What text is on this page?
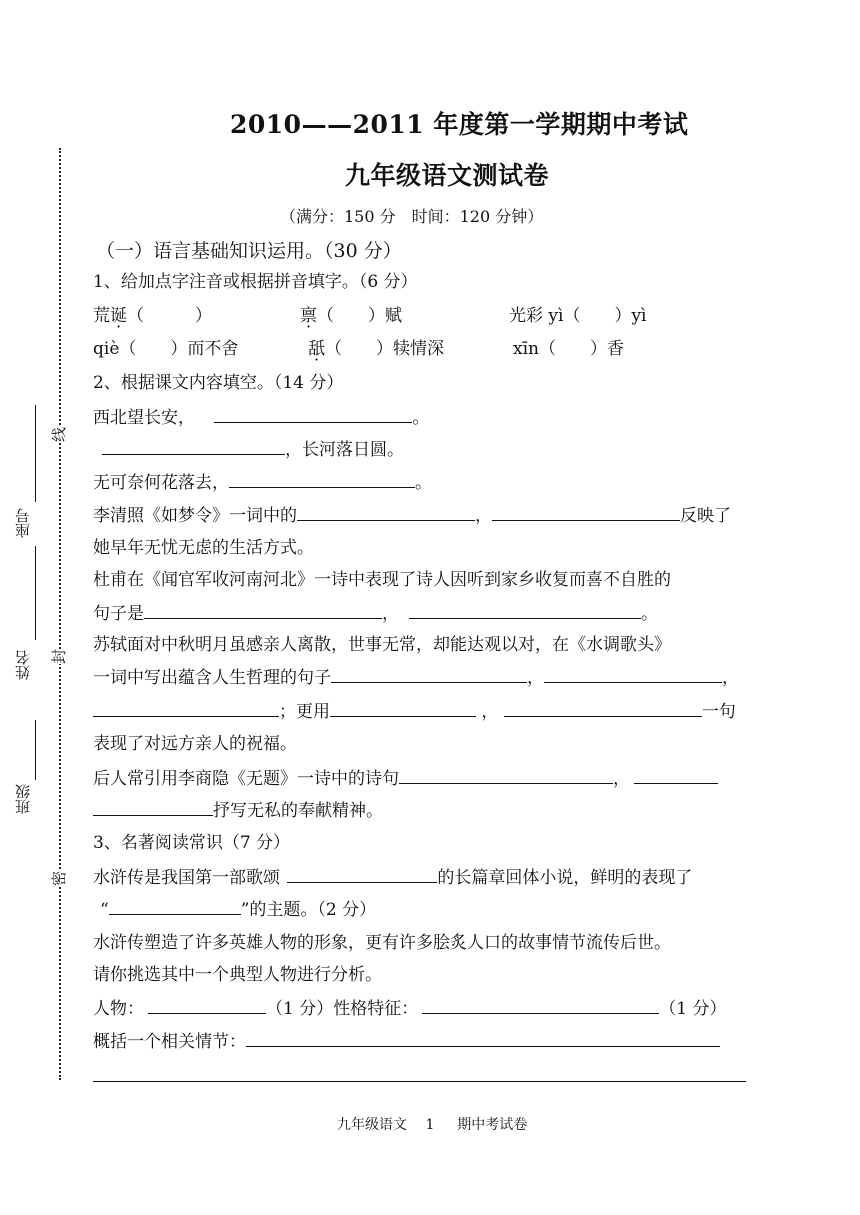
线
封
密
座号
姓名
班级
2010——2011 年度第一学期期中考试
九年级语文测试卷
（满分：150 分　时间：120 分钟）
（一）语言基础知识运用。（30 分）
1、给加点字注音或根据拼音填字。（6 分）
荒诞（　　　）	禀（　　）赋	光彩 yì（　　）yì
qiè（　　）而不舍	舐（　　）犊情深	xīn（　　）香
2、根据课文内容填空。（14 分）
西北望长安，	。
，长河落日圆。
无可奈何花落去，	。
李清照《如梦令》一词中的	，	反映了
她早年无忧无虑的生活方式。
杜甫在《闻官军收河南河北》一诗中表现了诗人因听到家乡收复而喜不自胜的
句子是	，	。
苏轼面对中秋明月虽感亲人离散，世事无常，却能达观以对，在《水调歌头》
一词中写出蕴含人生哲理的句子	，	，
；更用	，	一句
表现了对远方亲人的祝福。
后人常引用李商隐《无题》一诗中的诗句	，
抒写无私的奉献精神。
3、名著阅读常识（7 分）
水浒传是我国第一部歌颂	的长篇章回体小说，鲜明的表现了
“	”的主题。（2 分）
水浒传塑造了许多英雄人物的形象，更有许多脍炙人口的故事情节流传后世。
请你挑选其中一个典型人物进行分析。
人物：	（1 分）性格特征：	（1 分）
概括一个相关情节：
九年级语文　 1 　 期中考试卷
